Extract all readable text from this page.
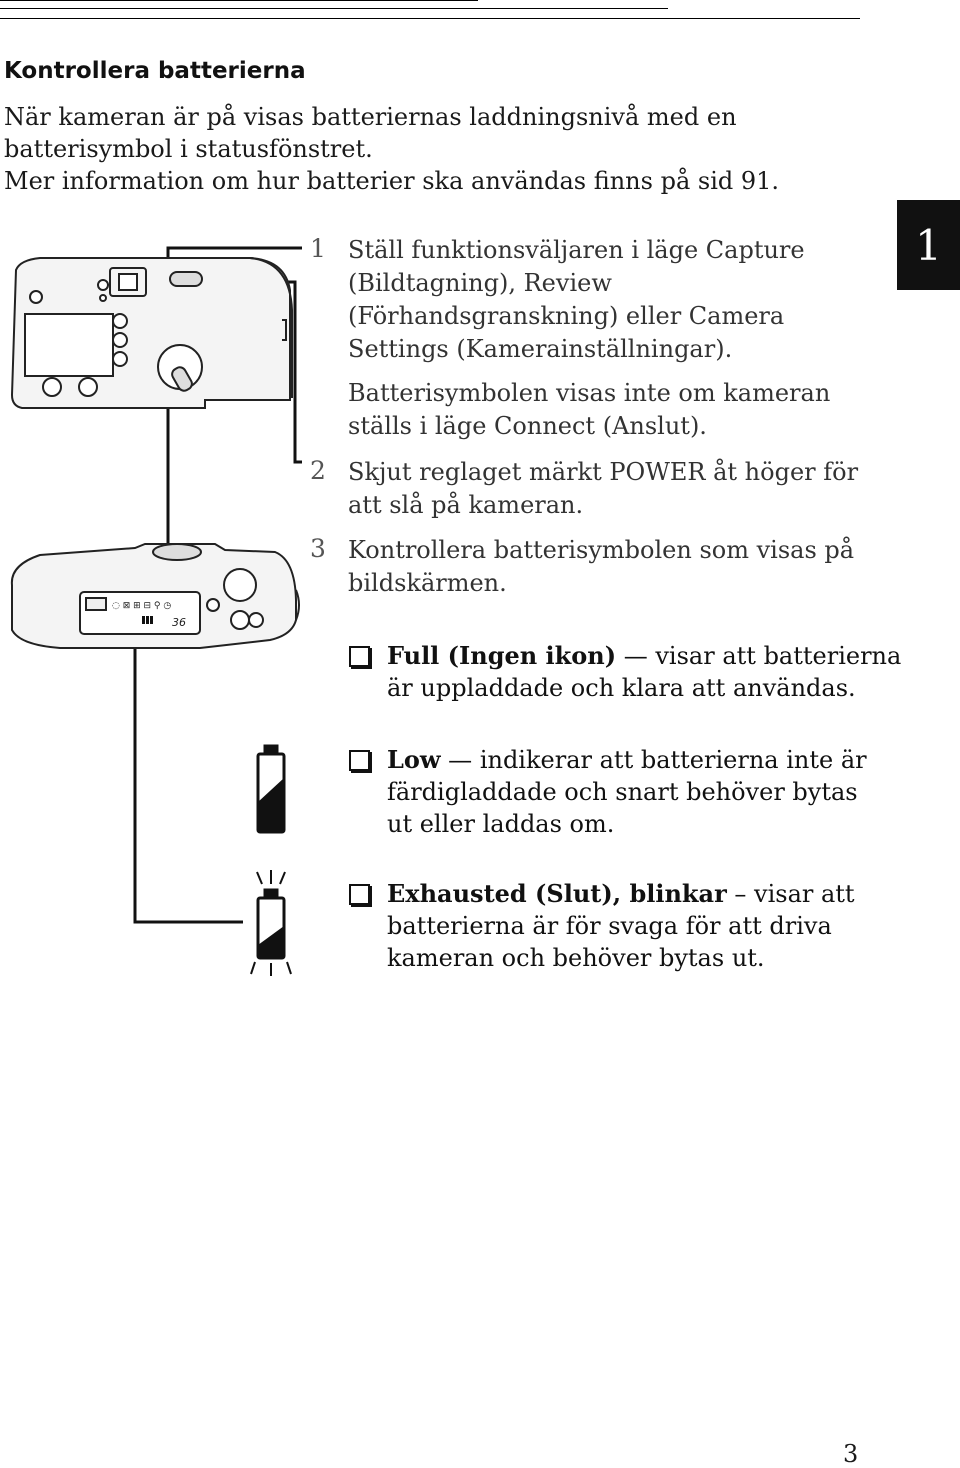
Kontrollera batterierna
När kameran är på visas batteriernas laddningsnivå med en
batterisymbol i statusfönstret.
Mer information om hur batterier ska användas finns på sid 91.
1
◌ ⊠ ⊞ ⊟ ⚲ ◷
36
1 Ställ funktionsväljaren i läge Capture
(Bildtagning), Review
(Förhandsgranskning) eller Camera
Settings (Kamerainställningar).
Batterisymbolen visas inte om kameran
ställs i läge Connect (Anslut).
2 Skjut reglaget märkt POWER åt höger för
att slå på kameran.
3 Kontrollera batterisymbolen som visas på
bildskärmen.
Full (Ingen ikon) — visar att batterierna
är uppladdade och klara att användas.
Low — indikerar att batterierna inte är
färdigladdade och snart behöver bytas
ut eller laddas om.
Exhausted (Slut), blinkar – visar att
batterierna är för svaga för att driva
kameran och behöver bytas ut.
3
